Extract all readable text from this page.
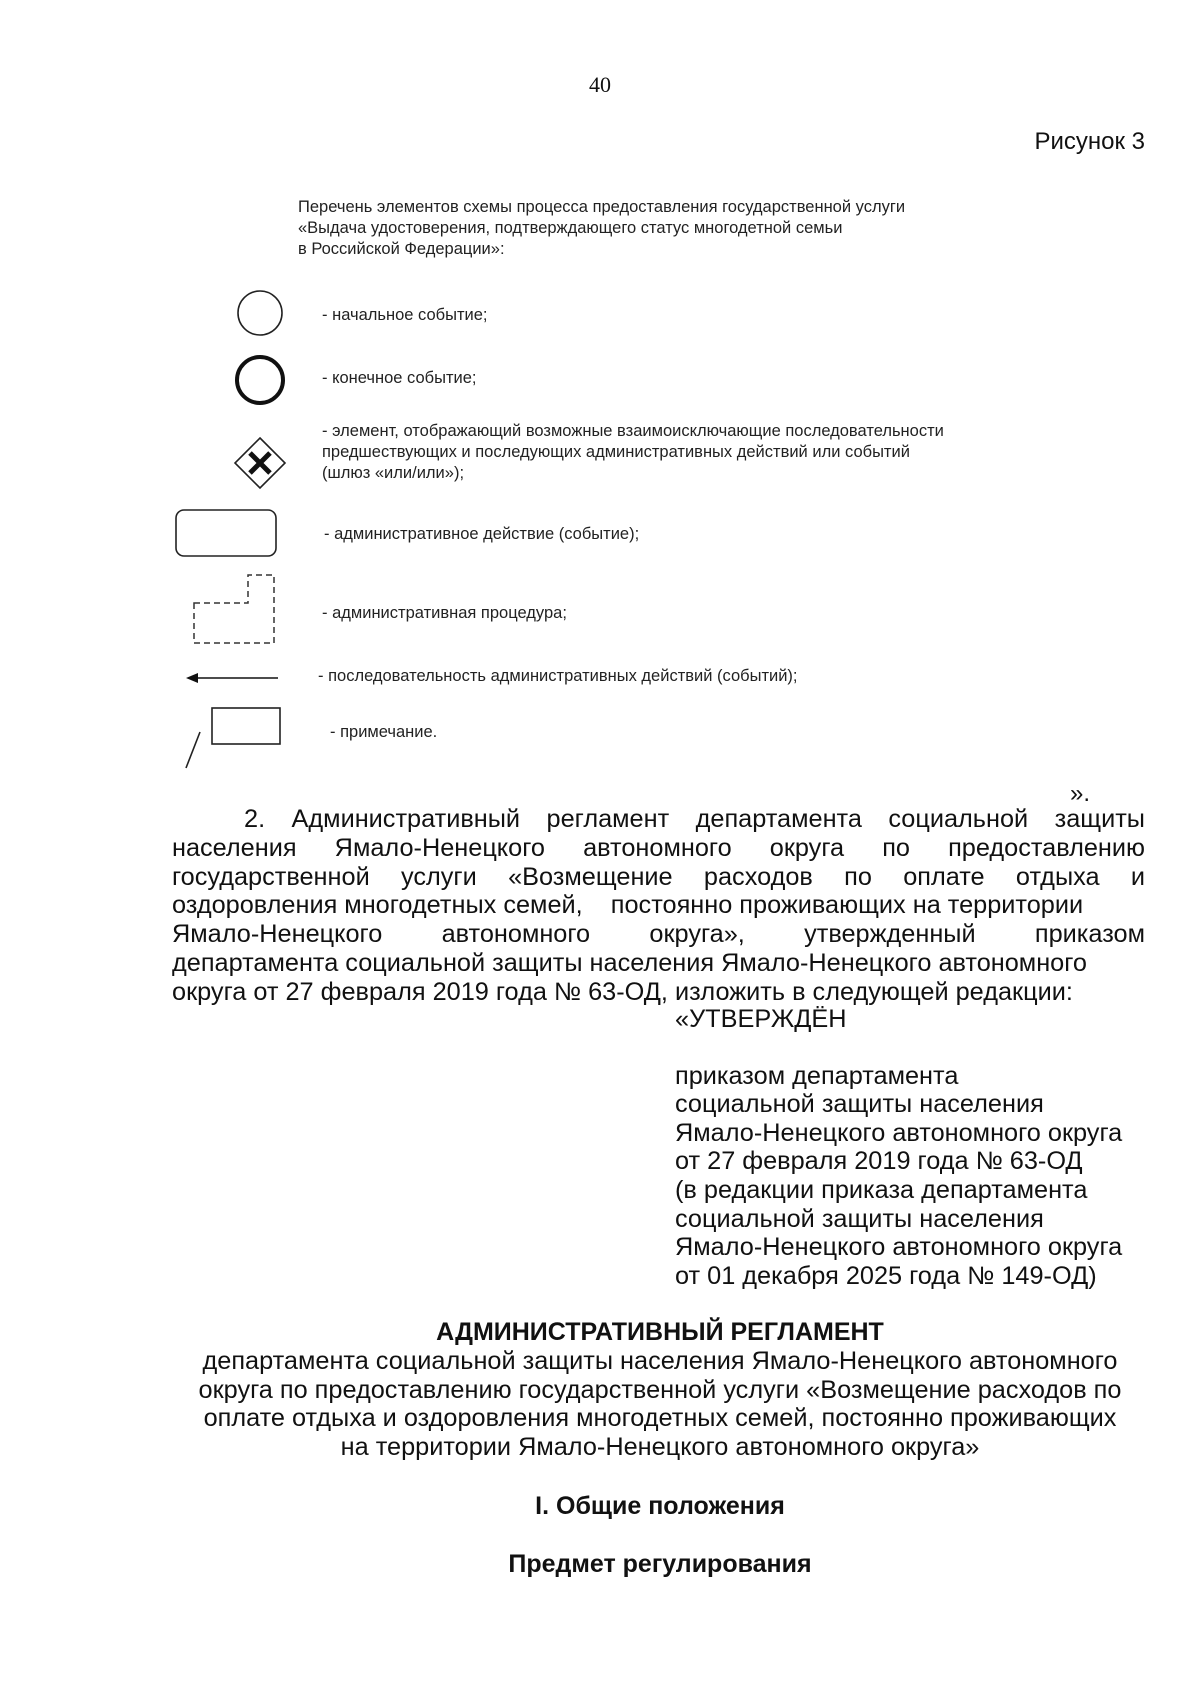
40
Рисунок 3
Перечень элементов схемы процесса предоставления государственной услуги
«Выдача удостоверения, подтверждающего статус многодетной семьи
в Российской Федерации»:
- начальное событие;
- конечное событие;
- элемент, отображающий возможные взаимоисключающие последовательности
предшествующих и последующих административных действий или событий
(шлюз «или/или»);
- административное действие (событие);
- административная процедура;
- последовательность административных действий (событий);
- примечание.
».
2. Административный регламент департамента социальной защиты
населения Ямало-Ненецкого автономного округа по предоставлению
государственной услуги «Возмещение расходов по оплате отдыха и
оздоровления многодетных семей,    постоянно проживающих на территории
Ямало-Ненецкого автономного округа», утвержденный приказом
департамента социальной защиты населения Ямало-Ненецкого автономного
округа от 27 февраля 2019 года № 63-ОД, изложить в следующей редакции:
«УТВЕРЖДЁН
приказом департамента
социальной защиты населения
Ямало-Ненецкого автономного округа
от 27 февраля 2019 года № 63-ОД
(в редакции приказа департамента
социальной защиты населения
Ямало-Ненецкого автономного округа
от 01 декабря 2025 года № 149-ОД)
АДМИНИСТРАТИВНЫЙ РЕГЛАМЕНТ
департамента социальной защиты населения Ямало-Ненецкого автономного
округа по предоставлению государственной услуги «Возмещение расходов по
оплате отдыха и оздоровления многодетных семей, постоянно проживающих
на территории Ямало-Ненецкого автономного округа»
I. Общие положения
Предмет регулирования
